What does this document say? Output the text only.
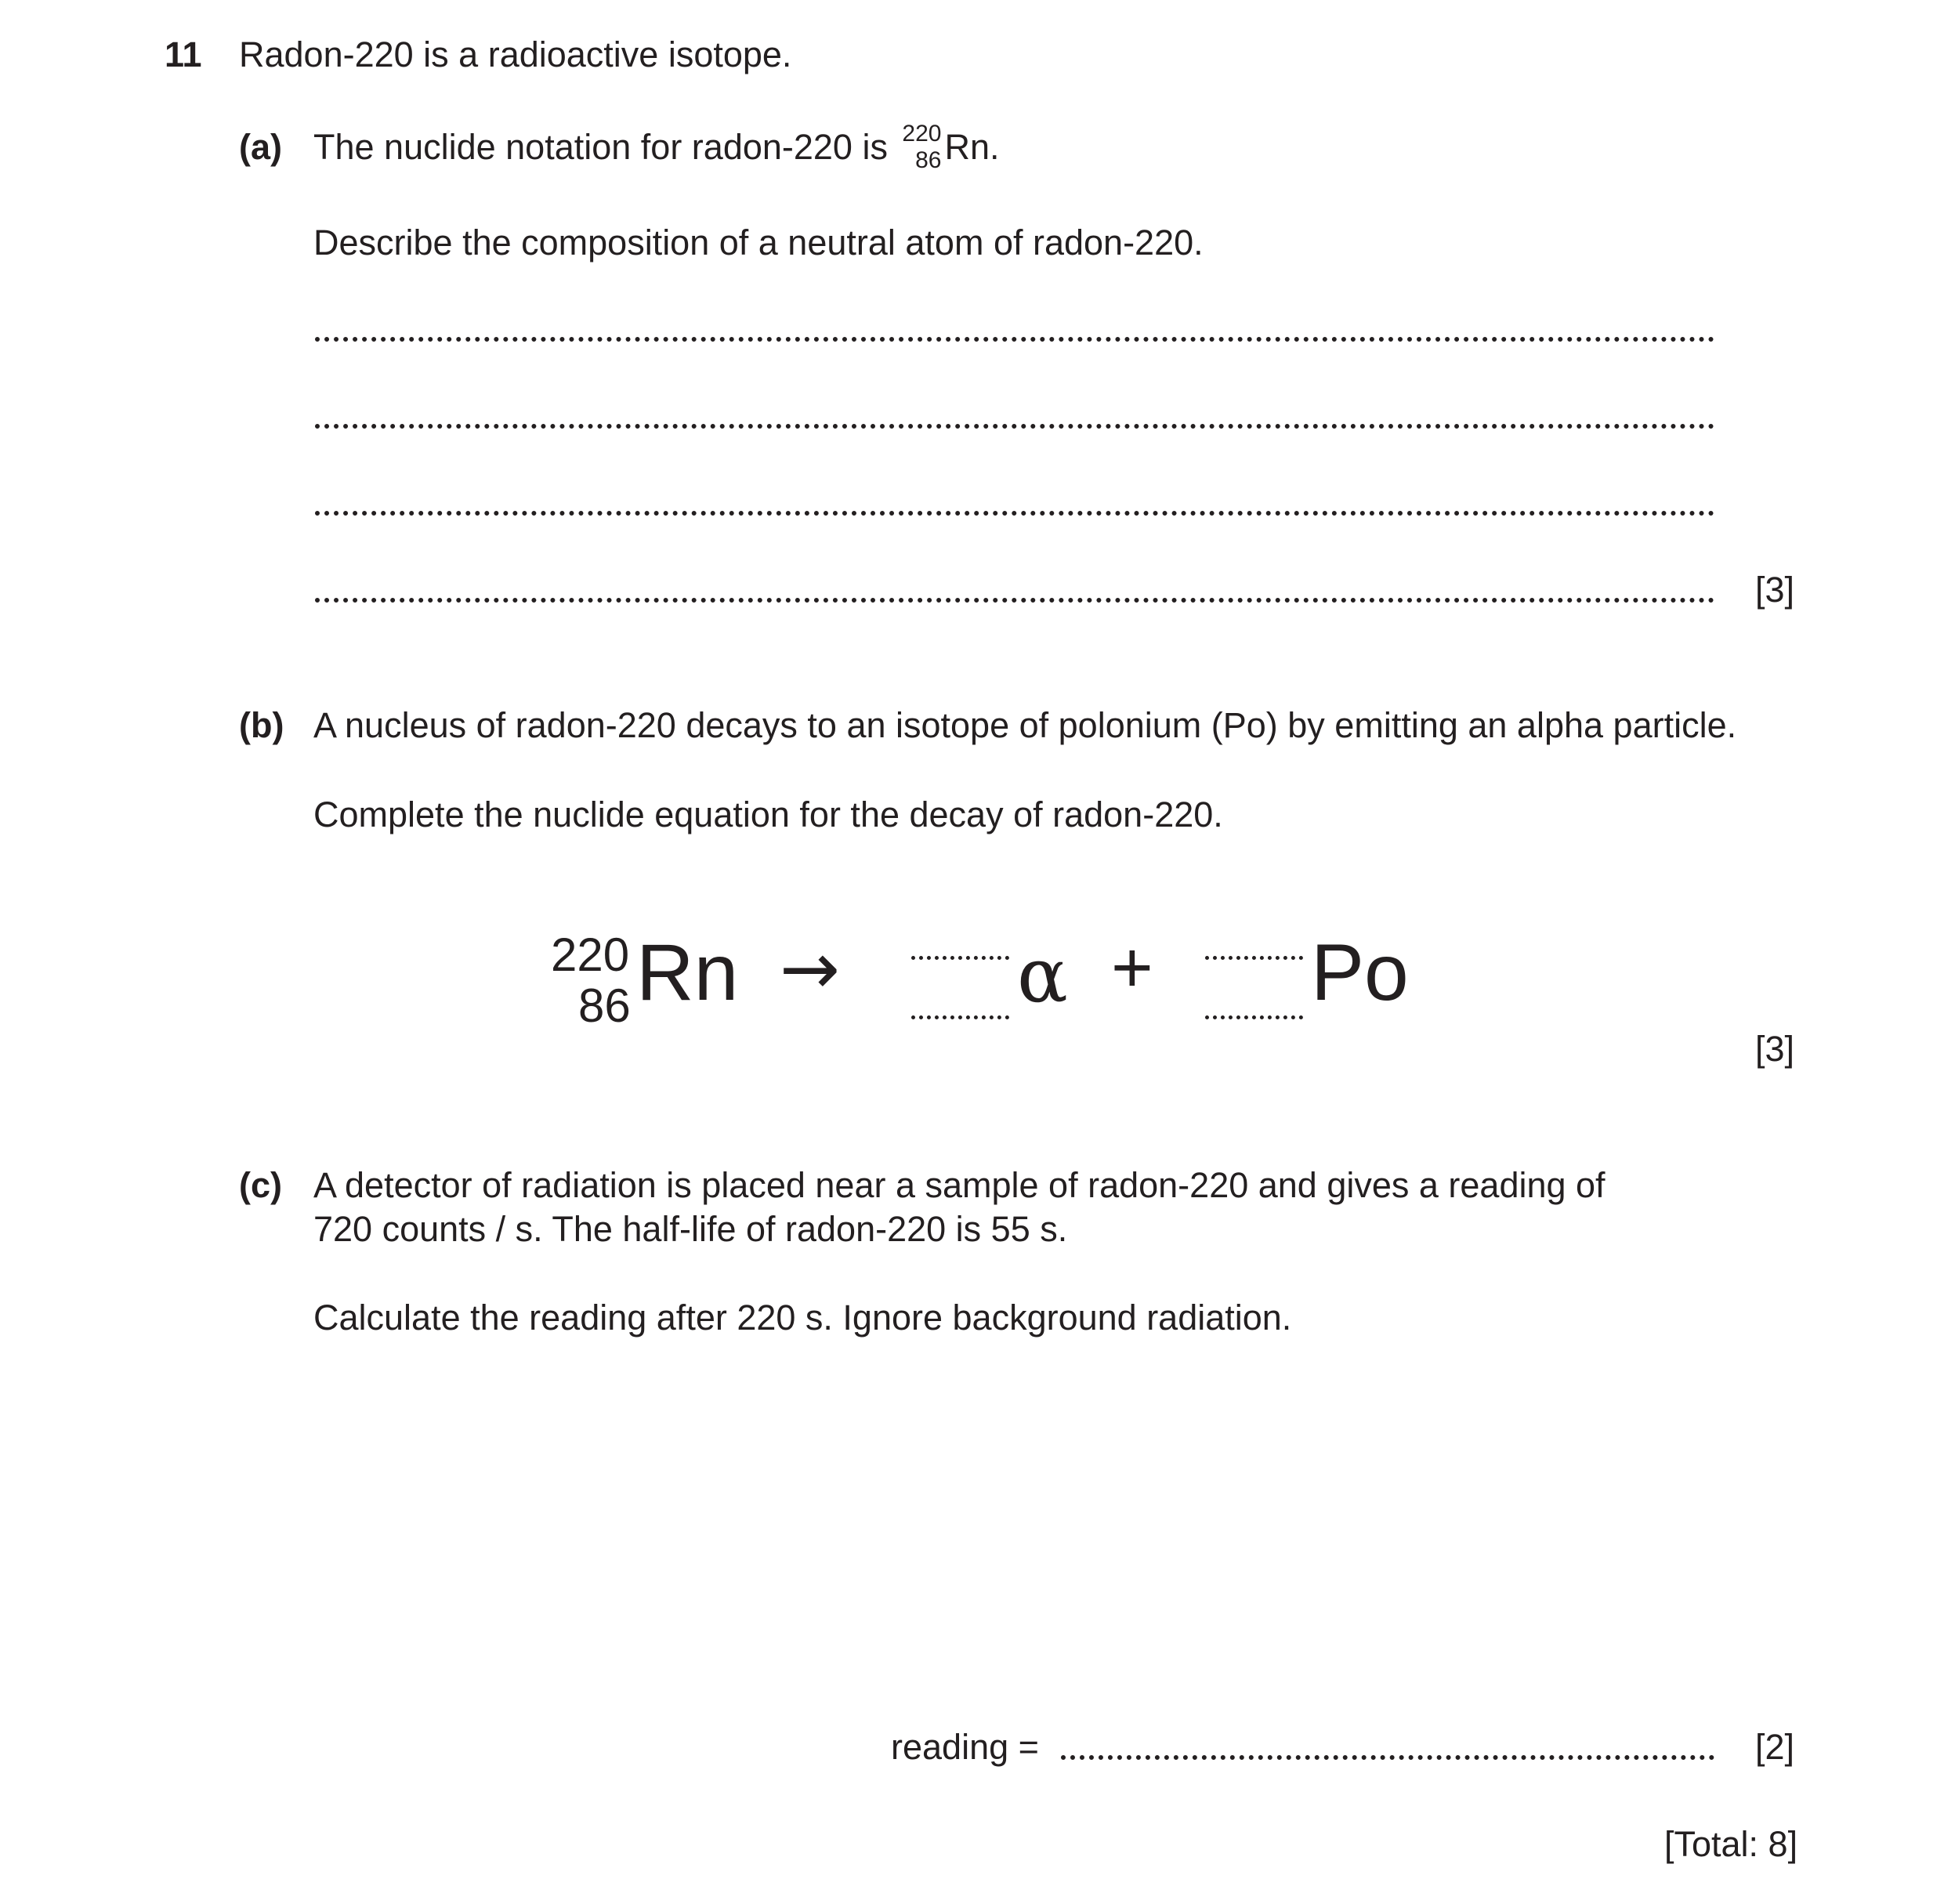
11 Radon-220 is a radioactive isotope.
(a) The nuclide notation for radon-220 is 220
86 Rn.
Describe the composition of a neutral atom of radon-220.
[3]
(b) A nucleus of radon-220 decays to an isotope of polonium (Po) by emitting an alpha particle.
Complete the nuclide equation for the decay of radon-220.
220
86 Rn → α + Po
[3]
(c) A detector of radiation is placed near a sample of radon-220 and gives a reading of
720 counts / s. The half-life of radon-220 is 55 s.
Calculate the reading after 220 s. Ignore background radiation.
reading =	[2]
[Total: 8]
